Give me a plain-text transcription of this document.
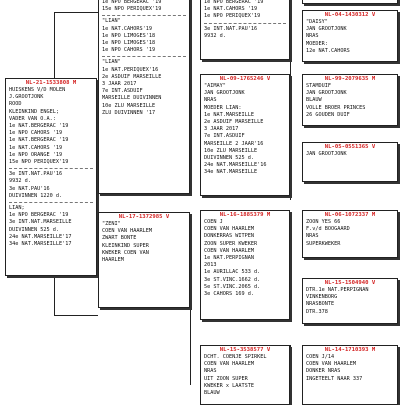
NL-21-1533808 M
HUISKENS V/D MOLEN
J.GROOTJONK
ROOD
KLEINKIND ENGEL;
VADER VAN O.A.:
1e NAT.BERGERAC '19
1e NPO CAHORS '19
1e NAT.BERGERAC '19
1e NAT.CAHORS '19
1e NPO ORANGE '19
15e NPO PERIQUEX'19
3e INT.NAT.PAU'16
9932 d.
3e NAT.PAU'16
DUIVINNEN 1220 d.
LIAN;
1e NPO BERGERAC '19
3e INT.NAT.MARSEILLE
DUIVINNEN 525 d.
24e NAT.MARSEILLE'17
34e NAT.MARSEILLE'17
1e NPO BERGERAC '19
15e NPO PERIQUEX'19
"LIAN"
1e NAT.CAHORS'19
1e NPO LIMOGES'18
1e NPO LIMOGES'18
1e NPO CAHORS '19
"LIAN"
1e NAT.PERIQUEX'16
2e ASDUIF MARSEILLE
3 JAAR 2017
7e INT.ASDUIF
MARSEILLE DUIVINNEN
10e ZLU MARSEILLE
ZLU DUIVINNEN '17
NL-17-1372985 V
"ZENI"
COEN VAN HAARLEM
ZWART BONTE
KLEINKIND SUPER
KWEKER COEN VAN
HAARLEM
1e NPO BERGERAC '19
1e NAT.CAHORS '19
1e NPO PERIQUEX'19
3e INT.NAT.PAU'16
9932 d.
NL-09-1765246 V
"AIMAY"
JAN GROOTJONK
NRAS
MOEDER LIAN:
1e NAT.MARSEILLE
2e ASDUIF MARSEILLE
3 JAAR 2017
7e INT.ASDUIF
MARSEILLE 2 JAAR'16
10e ZLU MARSEILLE
DUIVINNEN 525 d.
24e NAT.MARSEILLE'16
34e NAT.MARSEILLE
NL-16-1885379 M
COEN J
COEN VAN HAARLEM
DONKERRAS WITPEN
ZOON SUPER KWEKER
COEN VAN HAARLEM
1e NAT.PERPIGNAN
2013
1e AURILLAC 533 d.
3e ST.VINC.1662 d.
5e ST.VINC.2065 d.
3e CAHORS 169 d.
NL-15-3538577 V
DCHT. COENJE SPIRKEL
COEN VAN HAARLEM
NRAS
UIT ZOON SUPER
KWEKER x LAATSTE
BLAUW
NL-04-1430312 V
"DAISY"
JAN GROOTJONK
NRAS
MOEDER:
12e NAT.CAHORS
NL-99-2079635 M
STAMDUIF
JAN GROOTJONK
BLAUW
VOLLE BROER PRINCES
26 GOUDEN DUIF
NL-05-0551365 V
JAN GROOTJONK
NL-06-1072337 M
ZOON YES 66
F.v/d BOOGAARD
NRAS
SUPERKWEKER
NL-15-1504940 V
DTR.1e NAT.PERPIGNAN
VINKENBORG
NRASBONTE
DTR.378
NL-14-1710393 M
COEN J/14
COEN VAN HAARLEM
DONKER NRAS
INGETEELT NAAR 337
